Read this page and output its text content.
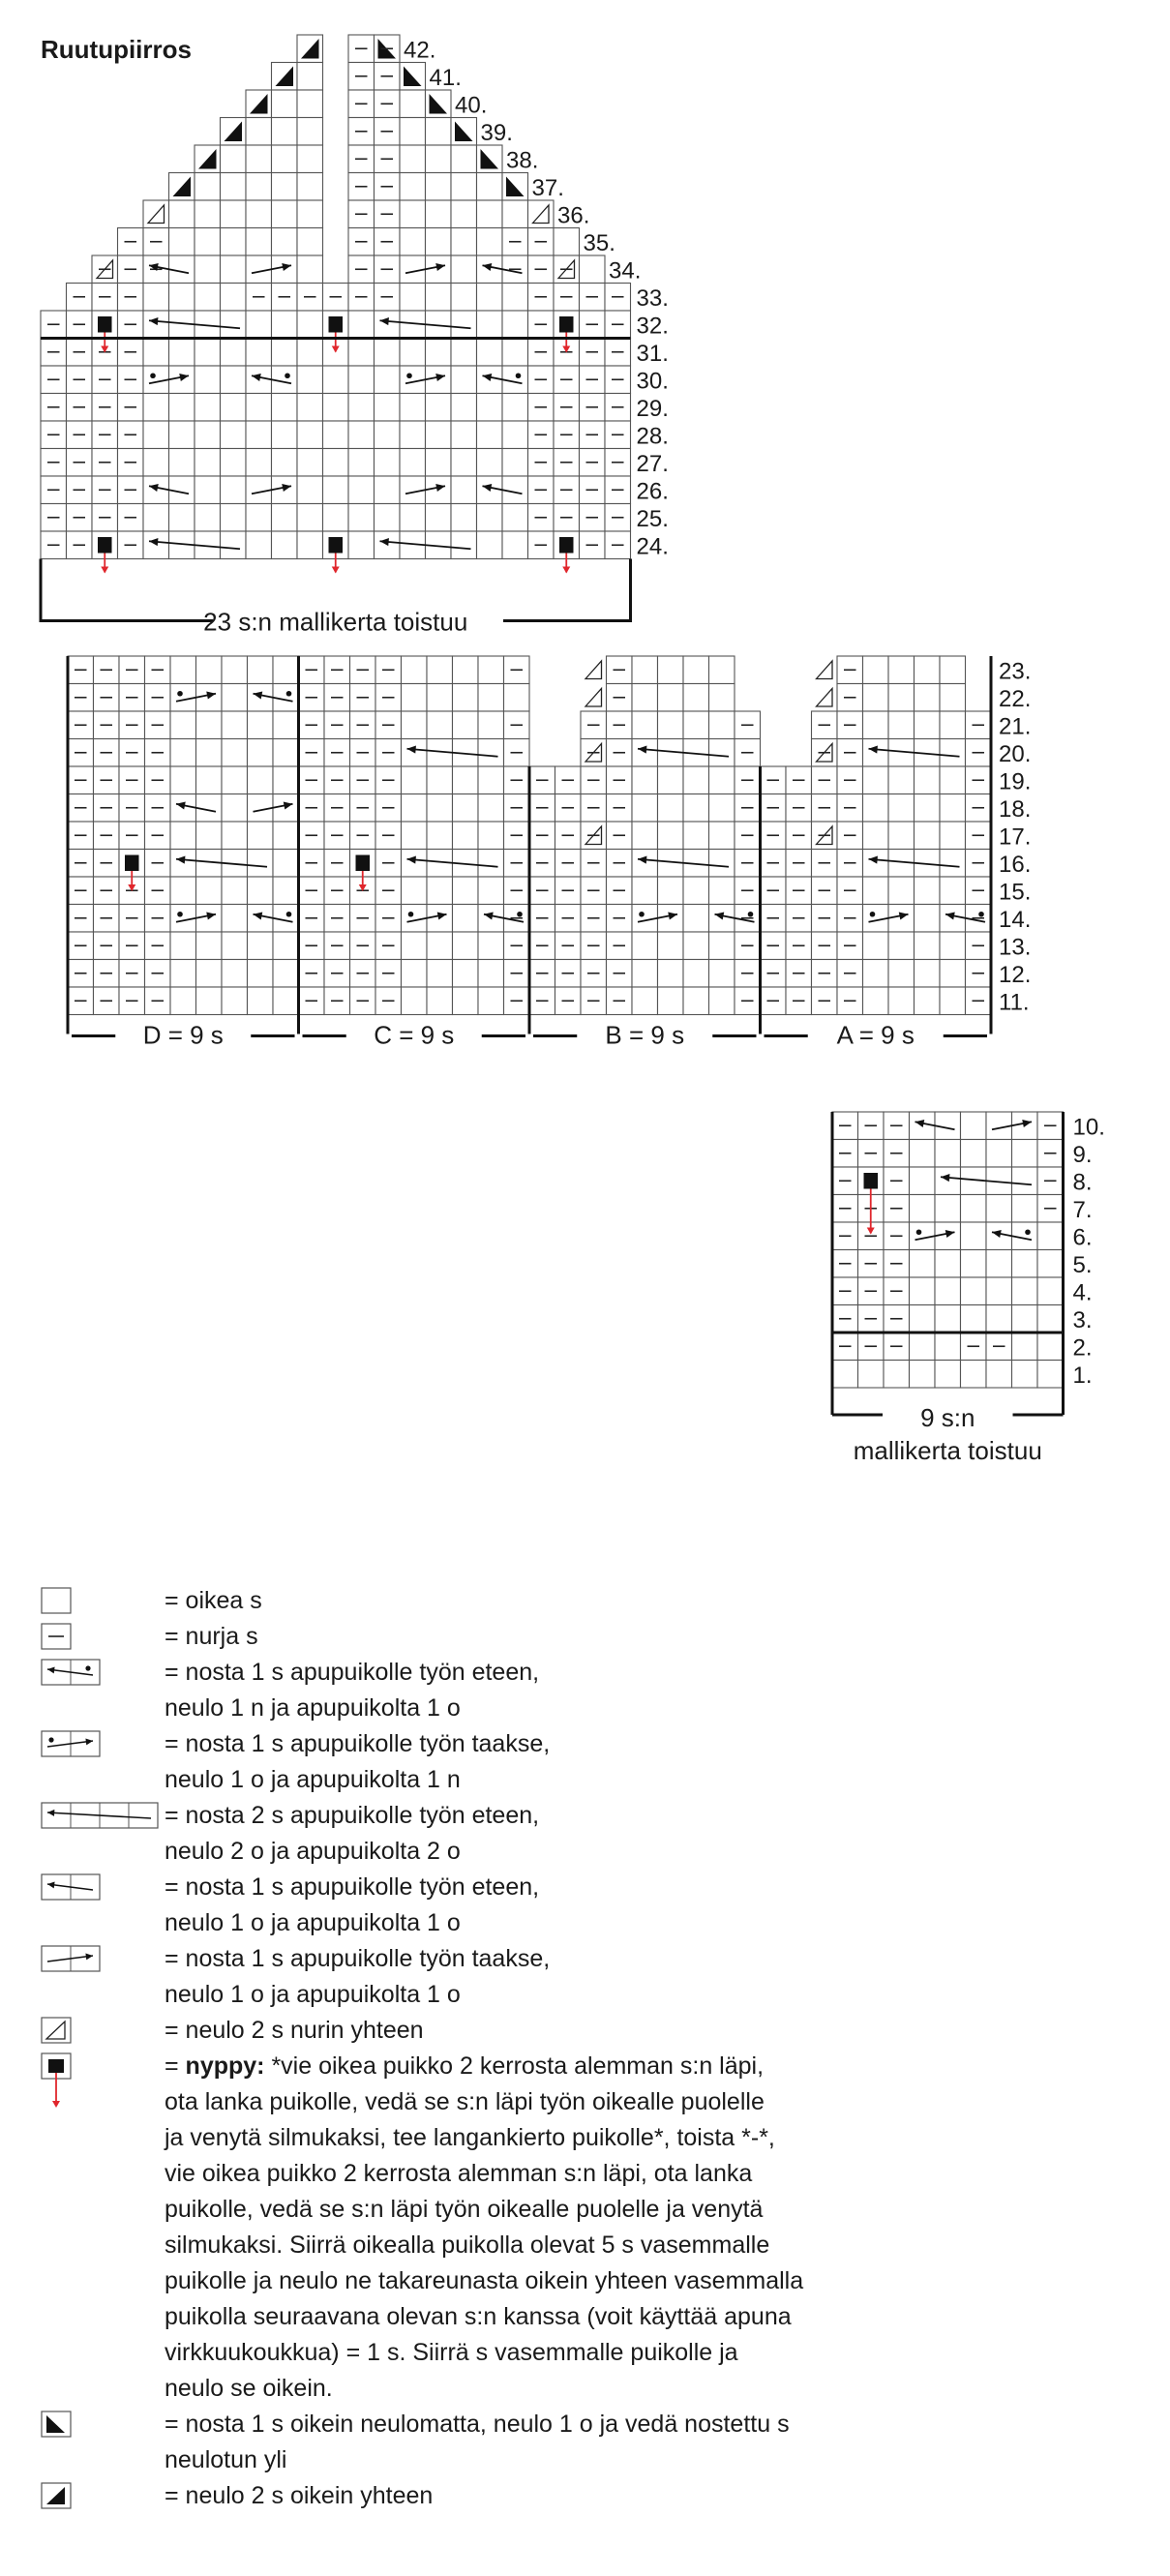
Ruutupiirros	42.
41.
40.
39.
38.
37.
36.
35.
34.
33.
32.
31.
30.
29.
28.
27.
26.
25.
24.
23 s:n mallikerta toistuu
D = 9 s	C = 9 s	B = 9 s	A = 9 s
23.
22.
21.
20.
19.
18.
17.
16.
15.
14.
13.
12.
11.
9 s:n
mallikerta toistuu
10.
9.
8.
7.
6.
5.
4.
3.
2.
1.
= oikea s
= nurja s
= nosta 1 s apupuikolle työn eteen,
neulo 1 n ja apupuikolta 1 o
= nosta 1 s apupuikolle työn taakse,
neulo 1 o ja apupuikolta 1 n
= nosta 2 s apupuikolle työn eteen,
neulo 2 o ja apupuikolta 2 o
= nosta 1 s apupuikolle työn eteen,
neulo 1 o ja apupuikolta 1 o
= nosta 1 s apupuikolle työn taakse,
neulo 1 o ja apupuikolta 1 o
= neulo 2 s nurin yhteen
= nyppy: *vie oikea puikko 2 kerrosta alemman s:n läpi,
ota lanka puikolle, vedä se s:n läpi työn oikealle puolelle
ja venytä silmukaksi, tee langankierto puikolle*, toista *-*,
vie oikea puikko 2 kerrosta alemman s:n läpi, ota lanka
puikolle, vedä se s:n läpi työn oikealle puolelle ja venytä
silmukaksi. Siirrä oikealla puikolla olevat 5 s vasemmalle
puikolle ja neulo ne takareunasta oikein yhteen vasemmalla
puikolla seuraavana olevan s:n kanssa (voit käyttää apuna
virkkuukoukkua) = 1 s. Siirrä s vasemmalle puikolle ja
neulo se oikein.
= nosta 1 s oikein neulomatta, neulo 1 o ja vedä nostettu s
neulotun yli
= neulo 2 s oikein yhteen
